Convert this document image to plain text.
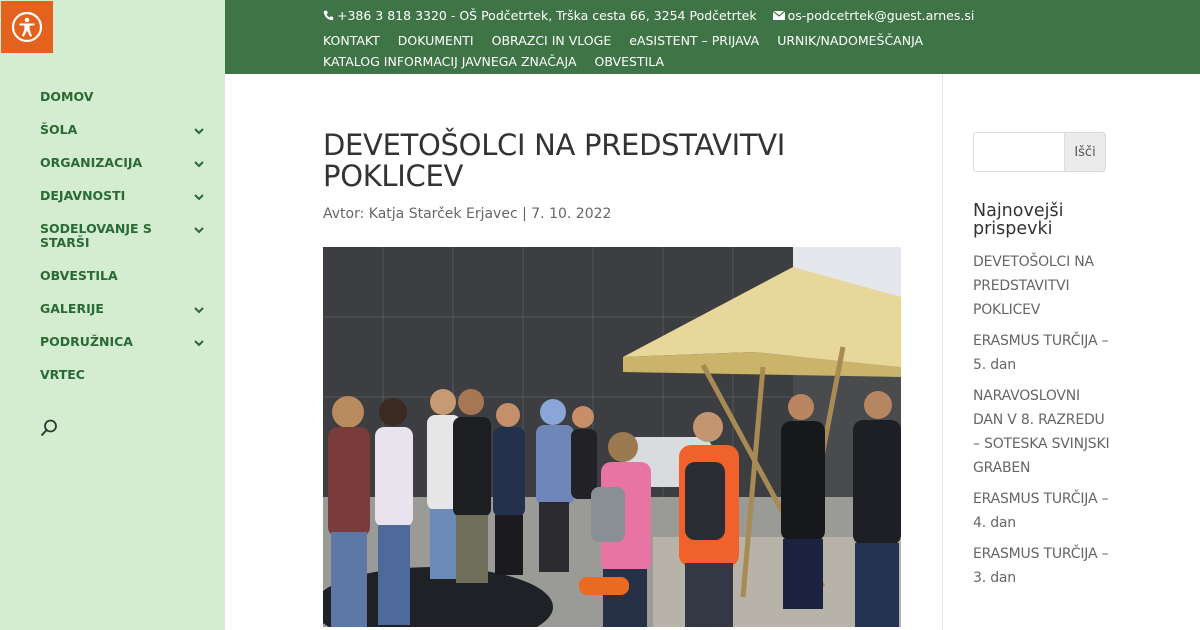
DOMOV
ŠOLA
ORGANIZACIJA
DEJAVNOSTI
SODELOVANJE S STARŠI
OBVESTILA
GALERIJE
PODRUŽNICA
VRTEC
+386 3 818 3320 - OŠ Podčetrtek, Trška cesta 66, 3254 Podčetrtek os-podcetrtek@guest.arnes.si
KONTAKT DOKUMENTI OBRAZCI IN VLOGE eASISTENT – PRIJAVA URNIK/NADOMEŠČANJAKATALOG INFORMACIJ JAVNEGA ZNAČAJA OBVESTILA
DEVETOŠOLCI NA PREDSTAVITVI POKLICEV
Avtor: Katja Starček Erjavec | 7. 10. 2022
Išči
Najnovejši prispevki
DEVETOŠOLCI NA PREDSTAVITVI POKLICEV
ERASMUS TURČIJA – 5. dan
NARAVOSLOVNI DAN V 8. RAZREDU – SOTESKA SVINJSKI GRABEN
ERASMUS TURČIJA – 4. dan
ERASMUS TURČIJA – 3. dan
